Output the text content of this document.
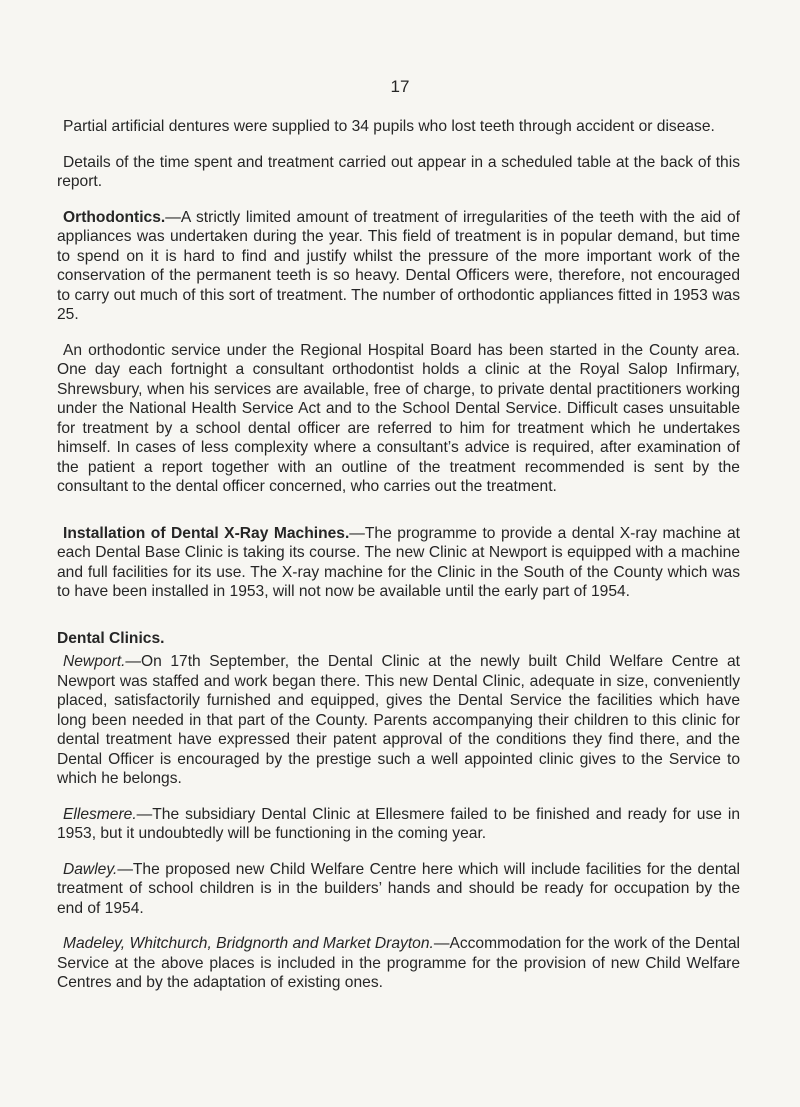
17

Partial artificial dentures were supplied to 34 pupils who lost teeth through accident or disease.

Details of the time spent and treatment carried out appear in a scheduled table at the back of this report.

Orthodontics.—A strictly limited amount of treatment of irregularities of the teeth with the aid of appliances was undertaken during the year. This field of treatment is in popular demand, but time to spend on it is hard to find and justify whilst the pressure of the more important work of the conservation of the permanent teeth is so heavy. Dental Officers were, therefore, not encouraged to carry out much of this sort of treatment. The number of orthodontic appliances fitted in 1953 was 25.

An orthodontic service under the Regional Hospital Board has been started in the County area. One day each fortnight a consultant orthodontist holds a clinic at the Royal Salop Infirmary, Shrewsbury, when his services are available, free of charge, to private dental practitioners working under the National Health Service Act and to the School Dental Service. Difficult cases unsuitable for treatment by a school dental officer are referred to him for treatment which he undertakes himself. In cases of less complexity where a consultant’s advice is required, after examination of the patient a report together with an outline of the treatment recommended is sent by the consultant to the dental officer concerned, who carries out the treatment.

Installation of Dental X-Ray Machines.—The programme to provide a dental X-ray machine at each Dental Base Clinic is taking its course. The new Clinic at Newport is equipped with a machine and full facilities for its use. The X-ray machine for the Clinic in the South of the County which was to have been installed in 1953, will not now be available until the early part of 1954.

Dental Clinics.

Newport.—On 17th September, the Dental Clinic at the newly built Child Welfare Centre at Newport was staffed and work began there. This new Dental Clinic, adequate in size, conveniently placed, satisfactorily furnished and equipped, gives the Dental Service the facilities which have long been needed in that part of the County. Parents accompanying their children to this clinic for dental treatment have expressed their patent approval of the conditions they find there, and the Dental Officer is encouraged by the prestige such a well appointed clinic gives to the Service to which he belongs.

Ellesmere.—The subsidiary Dental Clinic at Ellesmere failed to be finished and ready for use in 1953, but it undoubtedly will be functioning in the coming year.

Dawley.—The proposed new Child Welfare Centre here which will include facilities for the dental treatment of school children is in the builders’ hands and should be ready for occupation by the end of 1954.

Madeley, Whitchurch, Bridgnorth and Market Drayton.—Accommodation for the work of the Dental Service at the above places is included in the programme for the provision of new Child Welfare Centres and by the adaptation of existing ones.
